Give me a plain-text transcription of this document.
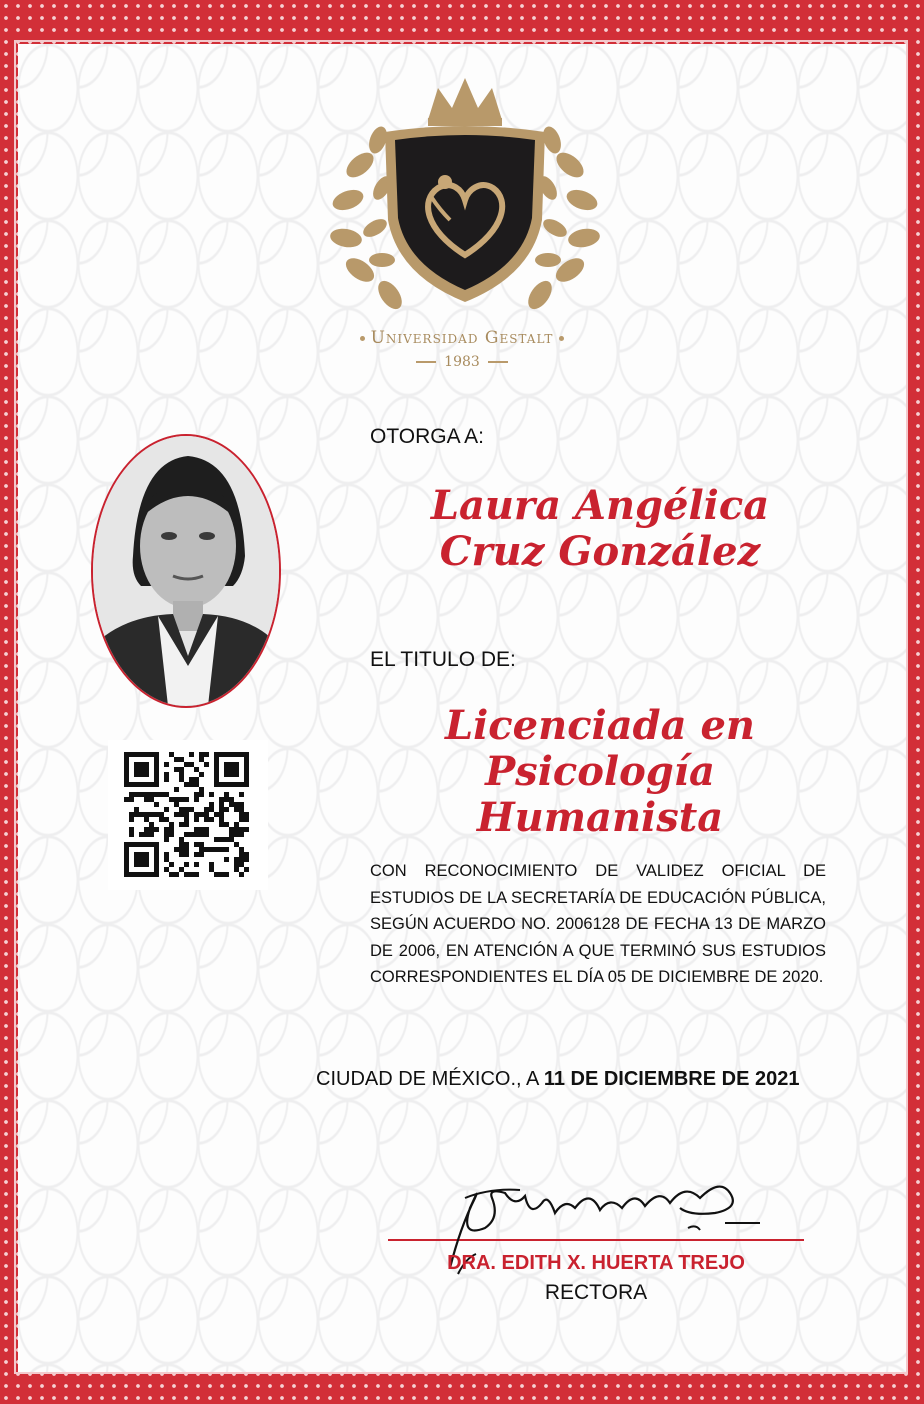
Universidad Gestalt
1983
OTORGA A:
Laura Angélica
Cruz González
EL TITULO DE:
Licenciada en
Psicología Humanista
CON RECONOCIMIENTO DE VALIDEZ OFICIAL DE ESTUDIOS DE LA SECRETARÍA DE EDUCACIÓN PÚBLICA, SEGÚN ACUERDO NO. 2006128 DE FECHA 13 DE MARZO DE 2006, EN ATENCIÓN A QUE TERMINÓ SUS ESTUDIOS CORRESPONDIENTES EL DÍA 05 DE DICIEMBRE DE 2020.
CIUDAD DE MÉXICO., A 11 DE DICIEMBRE DE 2021
DRA. EDITH X. HUERTA TREJO
RECTORA
